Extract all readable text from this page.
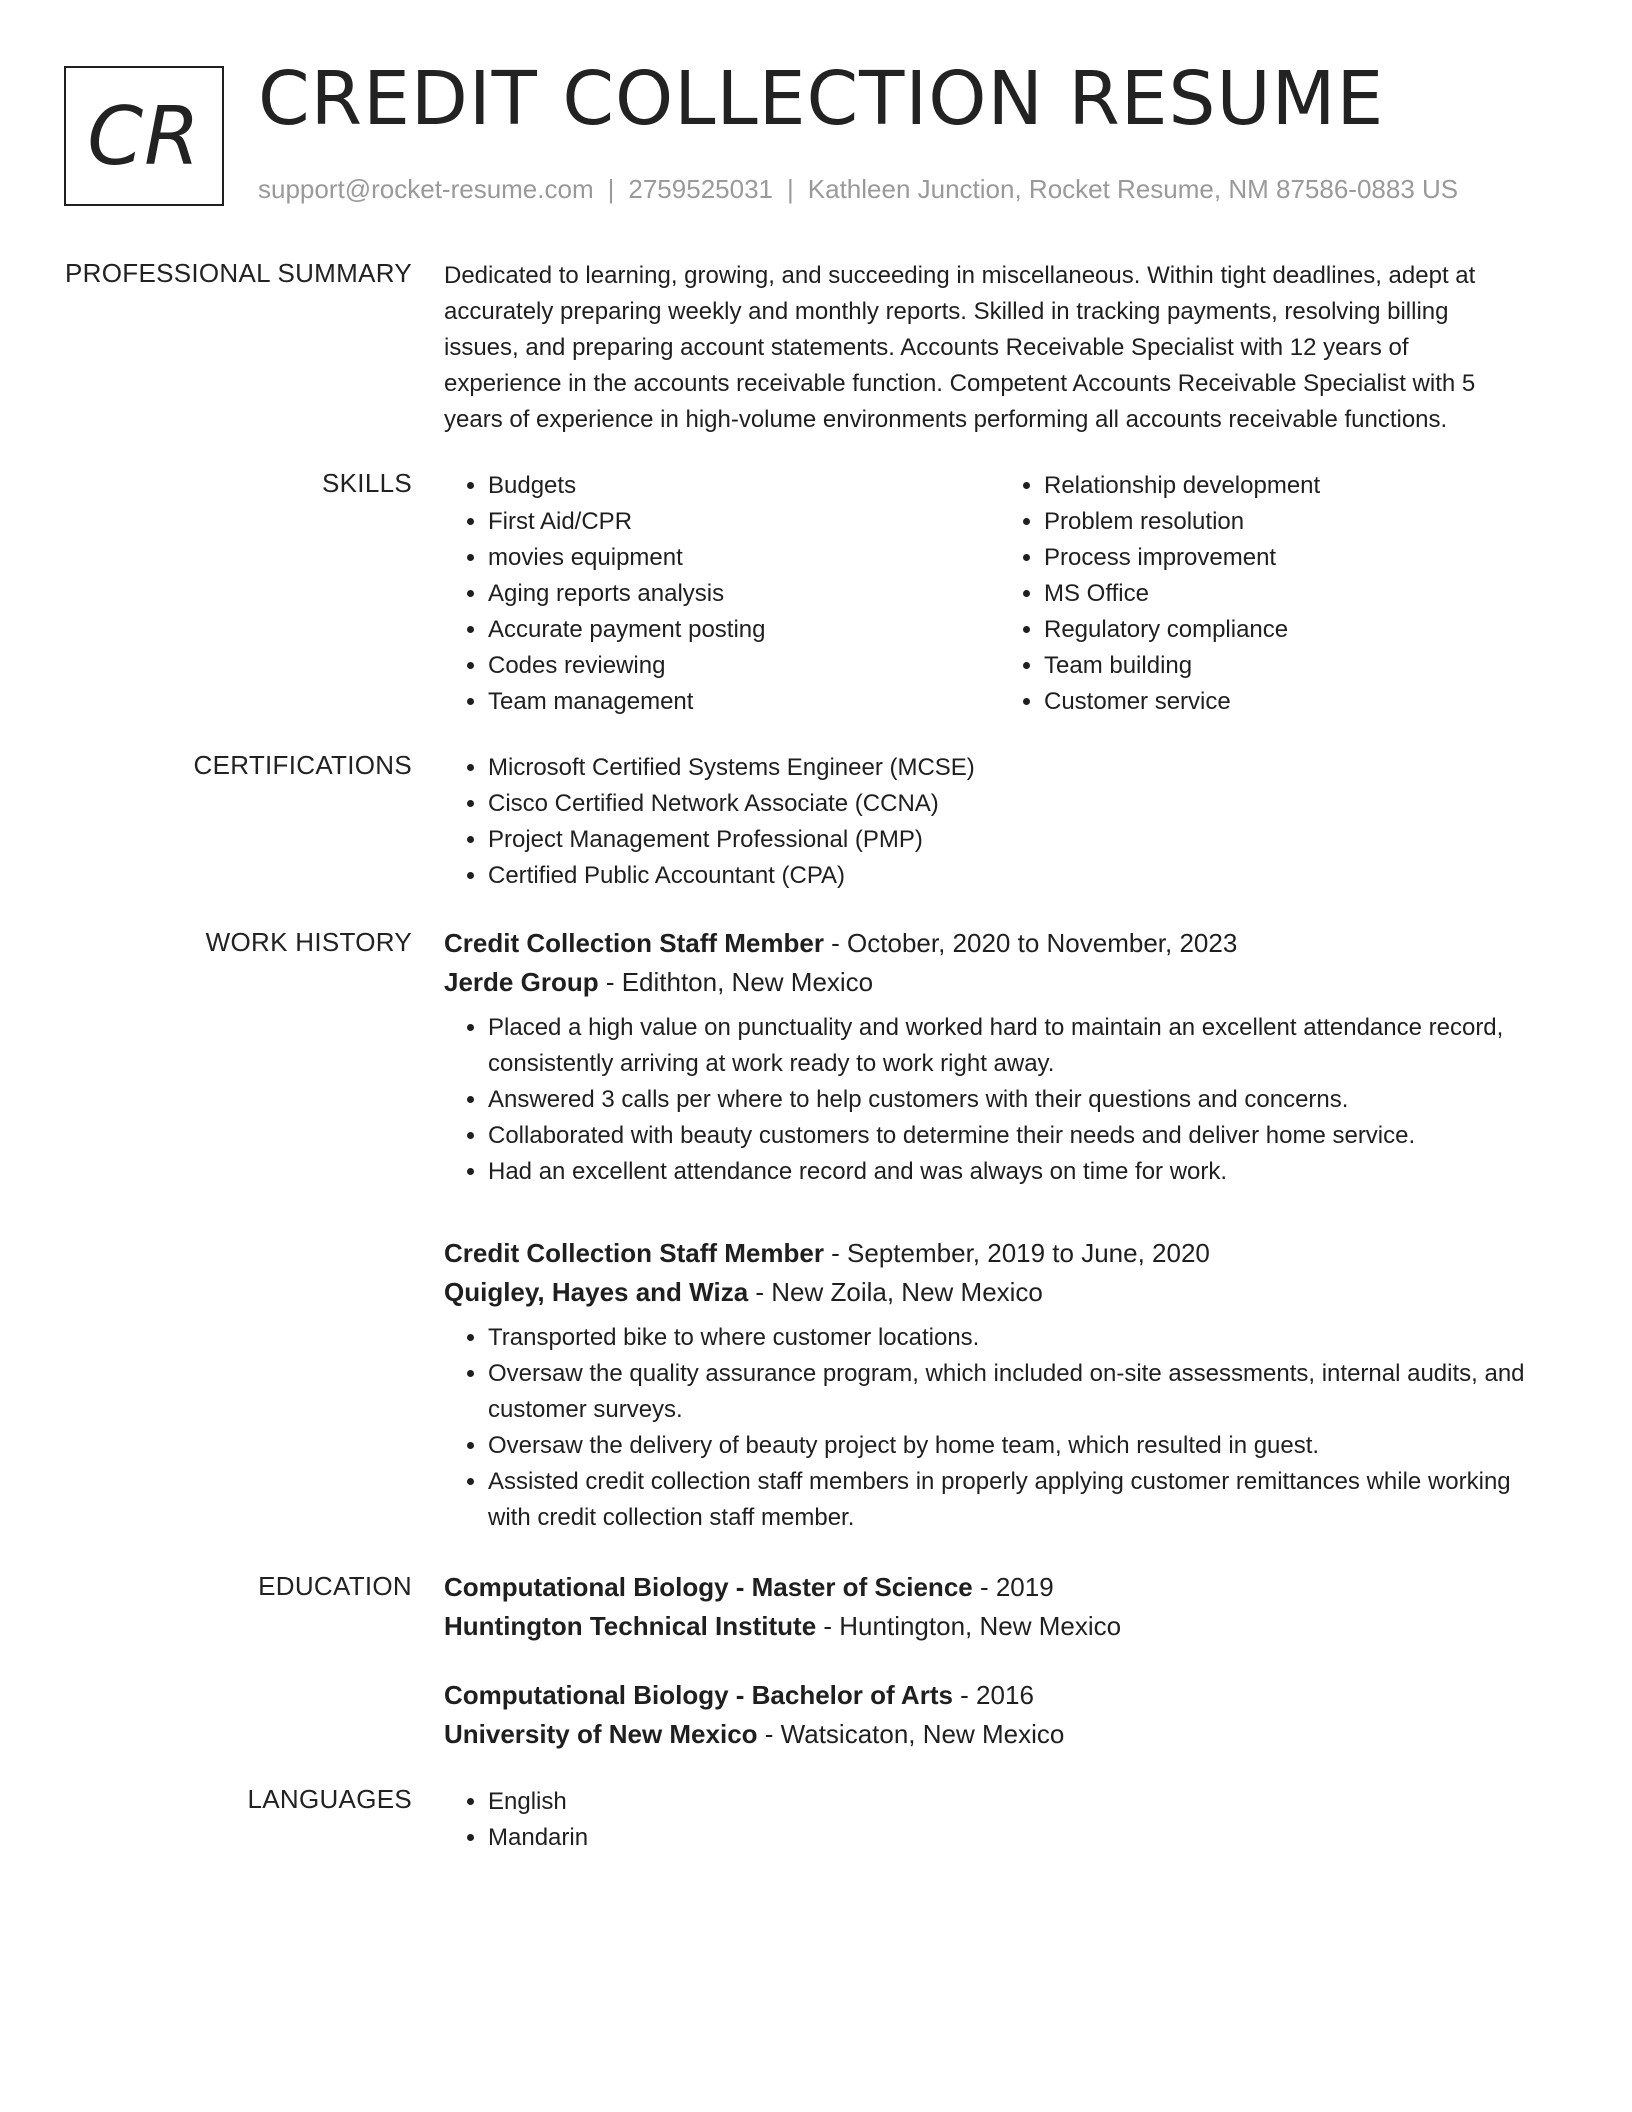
CR CREDIT COLLECTION RESUME
support@rocket-resume.com | 2759525031 | Kathleen Junction, Rocket Resume, NM 87586-0883 US
PROFESSIONAL SUMMARY Dedicated to learning, growing, and succeeding in miscellaneous. Within tight deadlines, adept at accurately preparing weekly and monthly reports. Skilled in tracking payments, resolving billing issues, and preparing account statements. Accounts Receivable Specialist with 12 years of experience in the accounts receivable function. Competent Accounts Receivable Specialist with 5 years of experience in high-volume environments performing all accounts receivable functions.

SKILLS	• Budgets
• First Aid/CPR
• movies equipment
• Aging reports analysis
• Accurate payment posting
• Codes reviewing
• Team management
• Relationship development
• Problem resolution
• Process improvement
• MS Office
• Regulatory compliance
• Team building
• Customer service
CERTIFICATIONS	• Microsoft Certified Systems Engineer (MCSE)
• Cisco Certified Network Associate (CCNA)
• Project Management Professional (PMP)
• Certified Public Accountant (CPA)
WORK HISTORY Credit Collection Staff Member - October, 2020 to November, 2023
Jerde Group - Edithton, New Mexico
• Placed a high value on punctuality and worked hard to maintain an excellent attendance record, consistently arriving at work ready to work right away.
• Answered 3 calls per where to help customers with their questions and concerns.
• Collaborated with beauty customers to determine their needs and deliver home service.
• Had an excellent attendance record and was always on time for work.
Credit Collection Staff Member - September, 2019 to June, 2020
Quigley, Hayes and Wiza - New Zoila, New Mexico
• Transported bike to where customer locations.
• Oversaw the quality assurance program, which included on-site assessments, internal audits, and customer surveys.
• Oversaw the delivery of beauty project by home team, which resulted in guest.
• Assisted credit collection staff members in properly applying customer remittances while working with credit collection staff member.
EDUCATION Computational Biology - Master of Science - 2019
Huntington Technical Institute - Huntington, New Mexico
Computational Biology - Bachelor of Arts - 2016
University of New Mexico - Watsicaton, New Mexico
LANGUAGES	• English
• Mandarin
